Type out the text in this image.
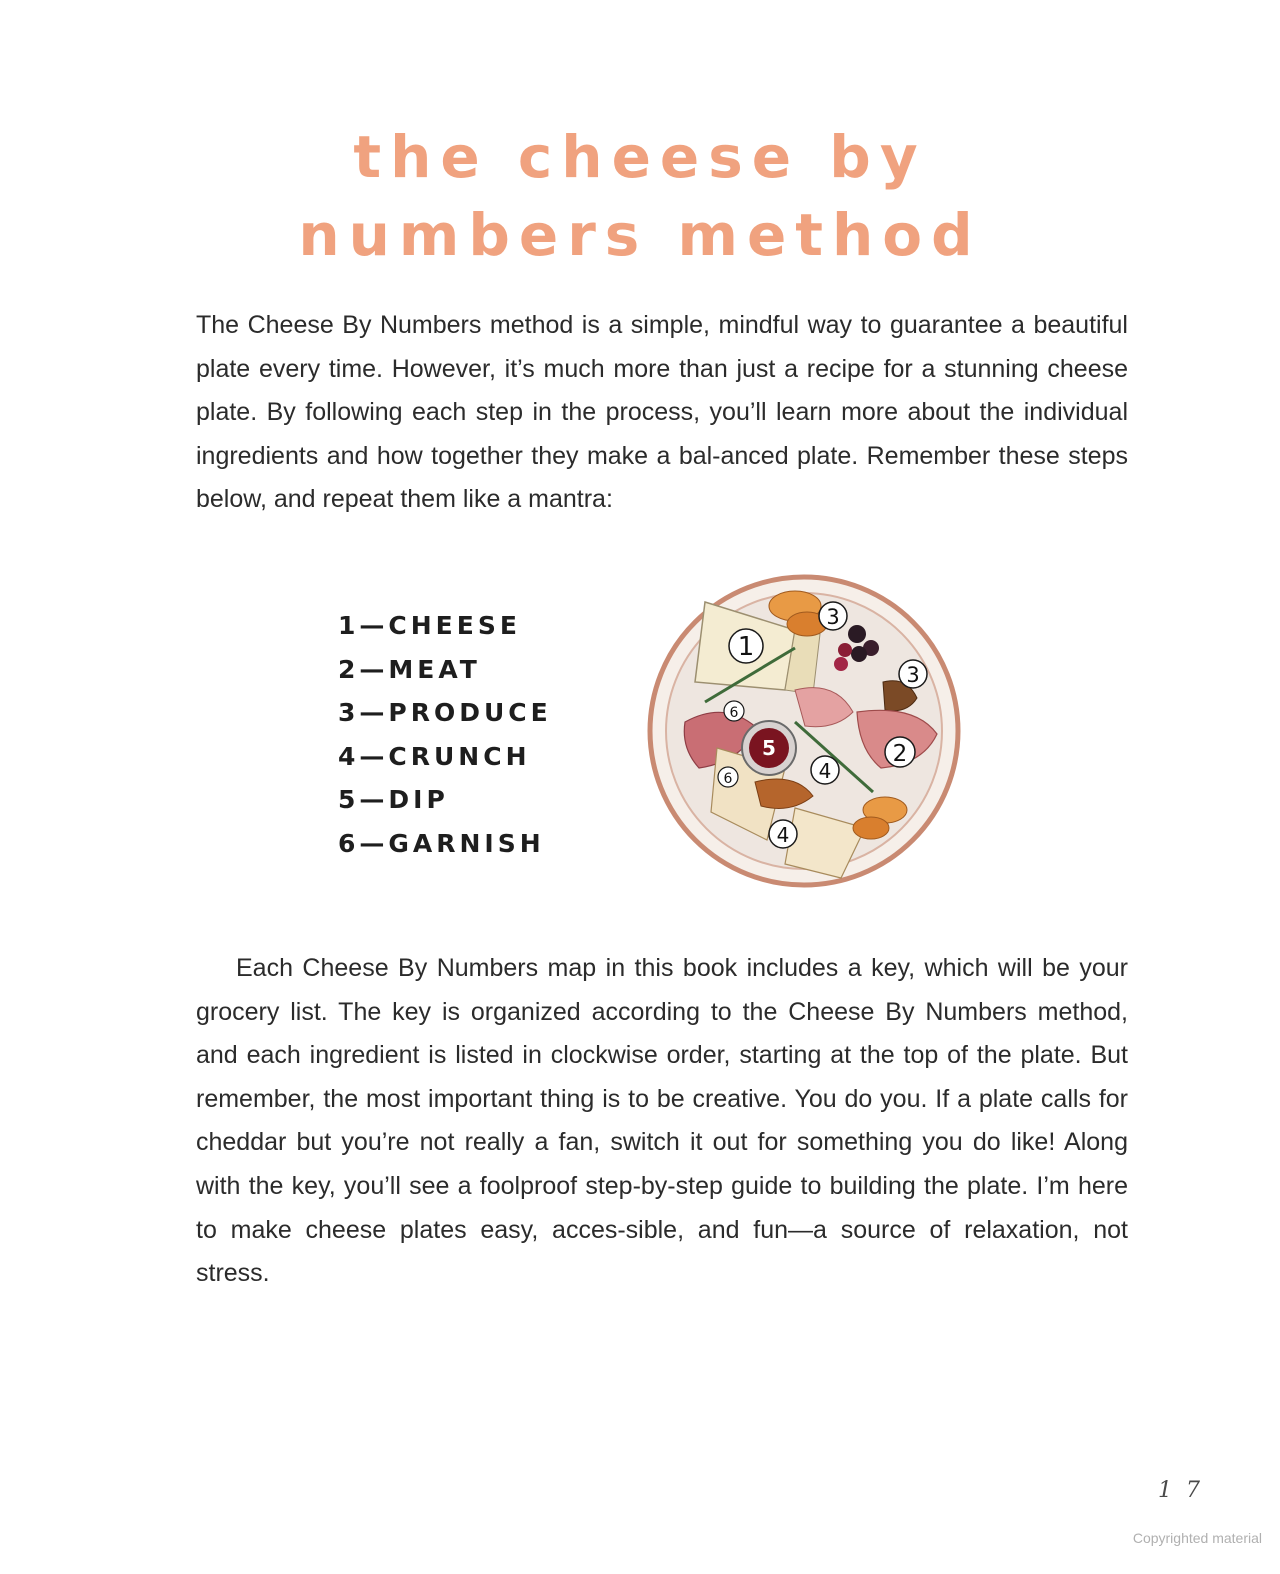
the cheese by
numbers method

The Cheese By Numbers method is a simple, mindful way to guarantee a beautiful plate every time. However, it’s much more than just a recipe for a stunning cheese plate. By following each step in the process, you’ll learn more about the individual ingredients and how together they make a bal-anced plate. Remember these steps below, and repeat them like a mantra:

1—CHEESE
2—MEAT
3—PRODUCE
4—CRUNCH
5—DIP
6—GARNISH
1
3
3
2
4
4
5
6
6

Each Cheese By Numbers map in this book includes a key, which will be your grocery list. The key is organized according to the Cheese By Numbers method, and each ingredient is listed in clockwise order, starting at the top of the plate. But remember, the most important thing is to be creative. You do you. If a plate calls for cheddar but you’re not really a fan, switch it out for something you do like! Along with the key, you’ll see a foolproof step-by-step guide to building the plate. I’m here to make cheese plates easy, acces-sible, and fun—a source of relaxation, not stress.

17
Copyrighted material
